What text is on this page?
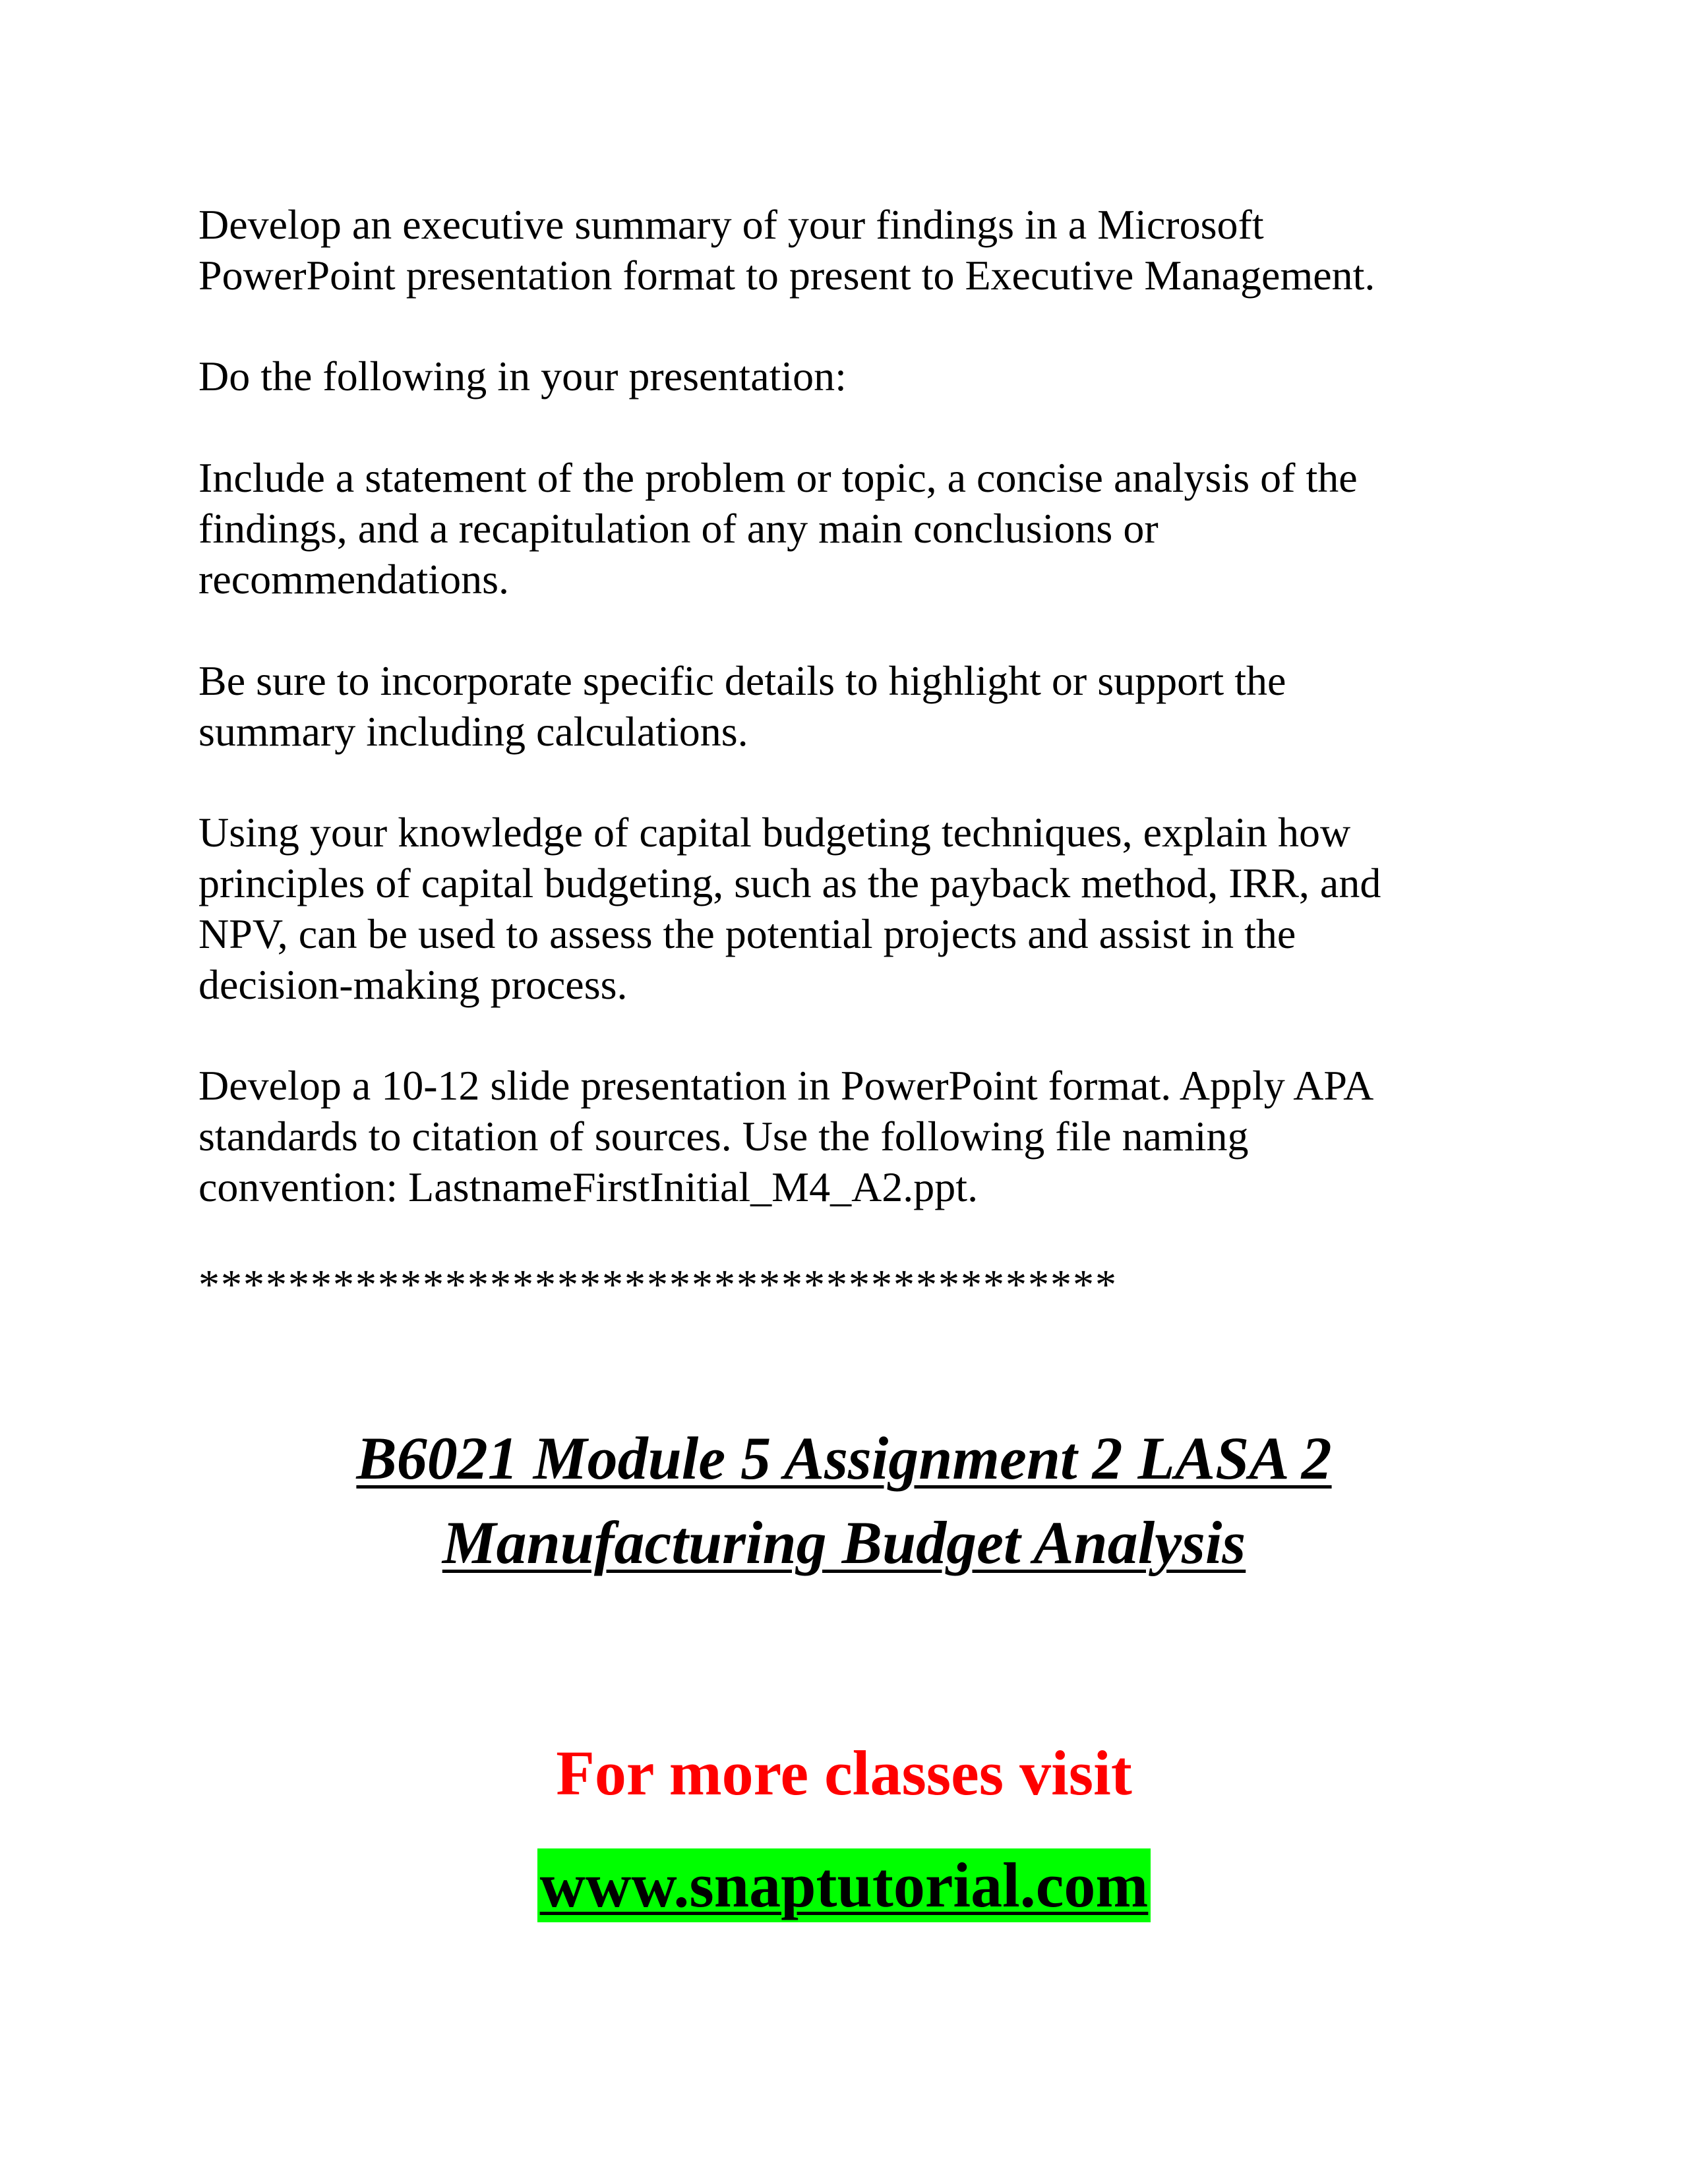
Develop an executive summary of your findings in a Microsoft
PowerPoint presentation format to present to Executive Management.

Do the following in your presentation:

Include a statement of the problem or topic, a concise analysis of the
findings, and a recapitulation of any main conclusions or
recommendations.

Be sure to incorporate specific details to highlight or support the
summary including calculations.

Using your knowledge of capital budgeting techniques, explain how
principles of capital budgeting, such as the payback method, IRR, and
NPV, can be used to assess the potential projects and assist in the
decision-making process.

Develop a 10-12 slide presentation in PowerPoint format. Apply APA
standards to citation of sources. Use the following file naming
convention: LastnameFirstInitial_M4_A2.ppt.

*****************************************

B6021 Module 5 Assignment 2 LASA 2
Manufacturing Budget Analysis

For more classes visit

www.snaptutorial.com
